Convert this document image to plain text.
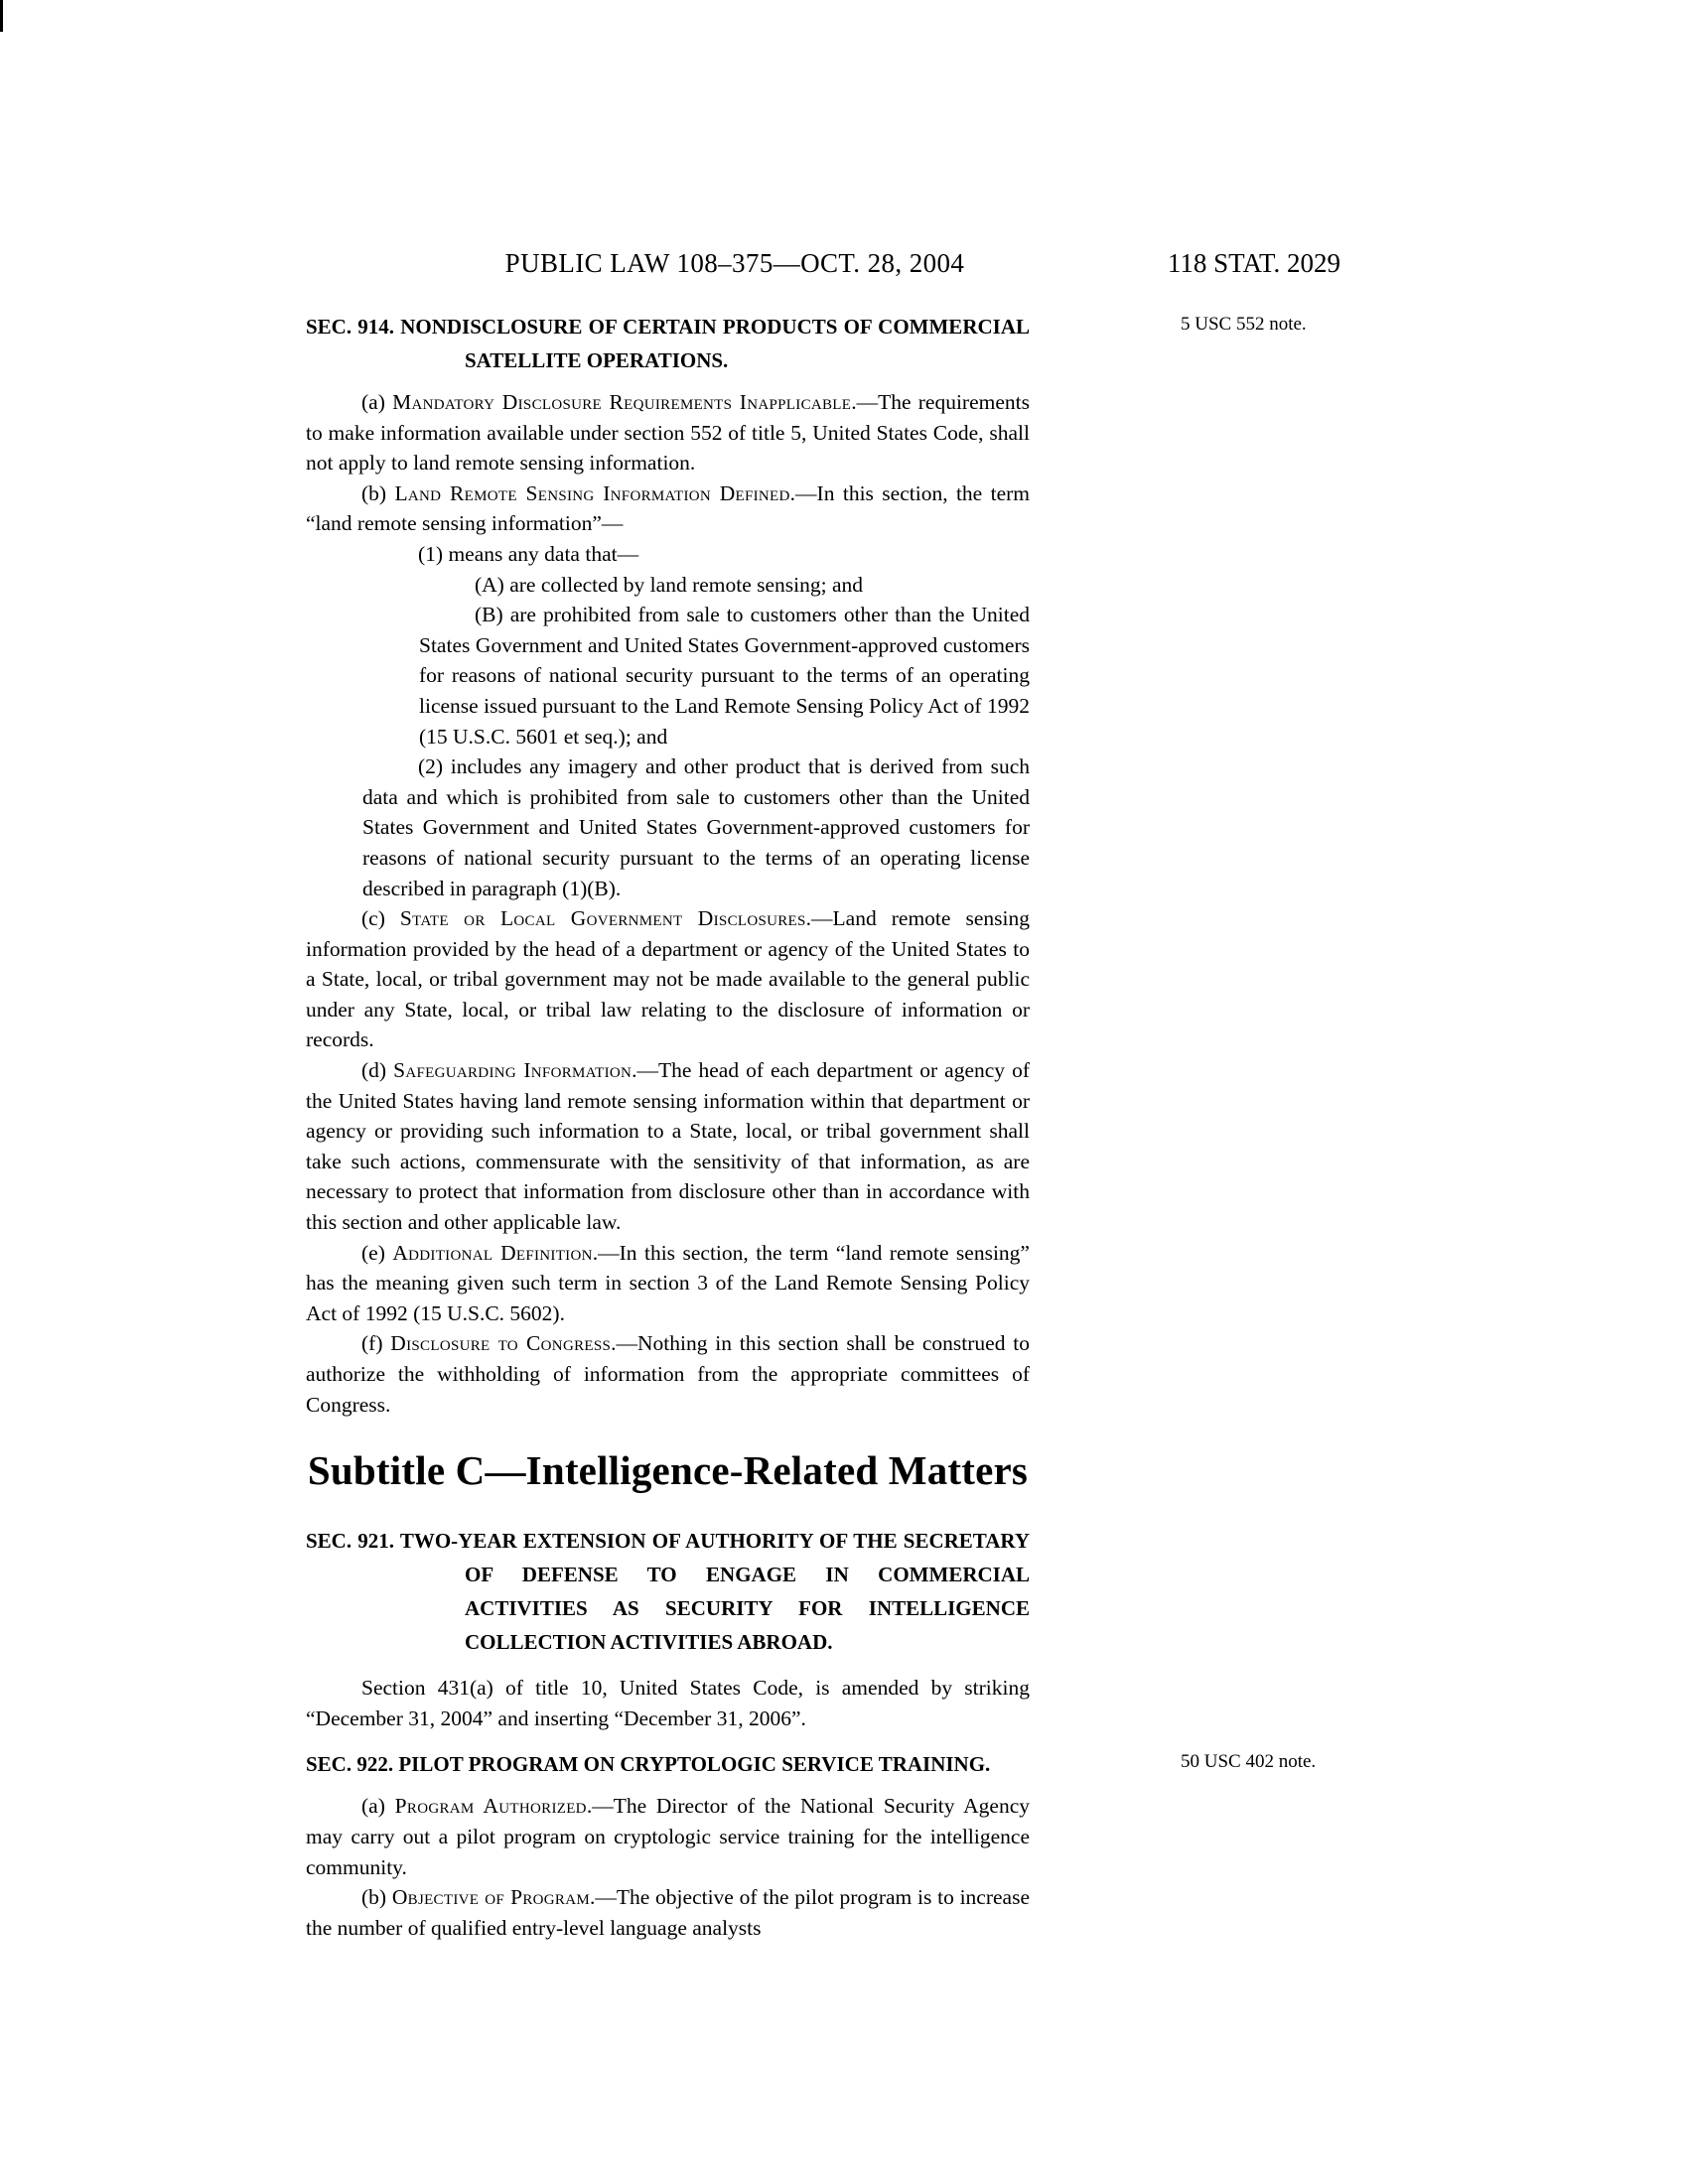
PUBLIC LAW 108–375—OCT. 28, 2004	118 STAT. 2029
SEC. 914. NONDISCLOSURE OF CERTAIN PRODUCTS OF COMMERCIAL SATELLITE OPERATIONS.
5 USC 552 note.
(a) Mandatory Disclosure Requirements Inapplicable.—The requirements to make information available under section 552 of title 5, United States Code, shall not apply to land remote sensing information.
(b) Land Remote Sensing Information Defined.—In this section, the term “land remote sensing information”—
(1) means any data that—
(A) are collected by land remote sensing; and
(B) are prohibited from sale to customers other than the United States Government and United States Government-approved customers for reasons of national security pursuant to the terms of an operating license issued pursuant to the Land Remote Sensing Policy Act of 1992 (15 U.S.C. 5601 et seq.); and
(2) includes any imagery and other product that is derived from such data and which is prohibited from sale to customers other than the United States Government and United States Government-approved customers for reasons of national security pursuant to the terms of an operating license described in paragraph (1)(B).
(c) State or Local Government Disclosures.—Land remote sensing information provided by the head of a department or agency of the United States to a State, local, or tribal government may not be made available to the general public under any State, local, or tribal law relating to the disclosure of information or records.
(d) Safeguarding Information.—The head of each department or agency of the United States having land remote sensing information within that department or agency or providing such information to a State, local, or tribal government shall take such actions, commensurate with the sensitivity of that information, as are necessary to protect that information from disclosure other than in accordance with this section and other applicable law.
(e) Additional Definition.—In this section, the term “land remote sensing” has the meaning given such term in section 3 of the Land Remote Sensing Policy Act of 1992 (15 U.S.C. 5602).
(f) Disclosure to Congress.—Nothing in this section shall be construed to authorize the withholding of information from the appropriate committees of Congress.
Subtitle C—Intelligence-Related Matters
SEC. 921. TWO-YEAR EXTENSION OF AUTHORITY OF THE SECRETARY OF DEFENSE TO ENGAGE IN COMMERCIAL ACTIVITIES AS SECURITY FOR INTELLIGENCE COLLECTION ACTIVITIES ABROAD.
Section 431(a) of title 10, United States Code, is amended by striking “December 31, 2004” and inserting “December 31, 2006”.
SEC. 922. PILOT PROGRAM ON CRYPTOLOGIC SERVICE TRAINING.	50 USC 402 note.
(a) Program Authorized.—The Director of the National Security Agency may carry out a pilot program on cryptologic service training for the intelligence community.
(b) Objective of Program.—The objective of the pilot program is to increase the number of qualified entry-level language analysts
